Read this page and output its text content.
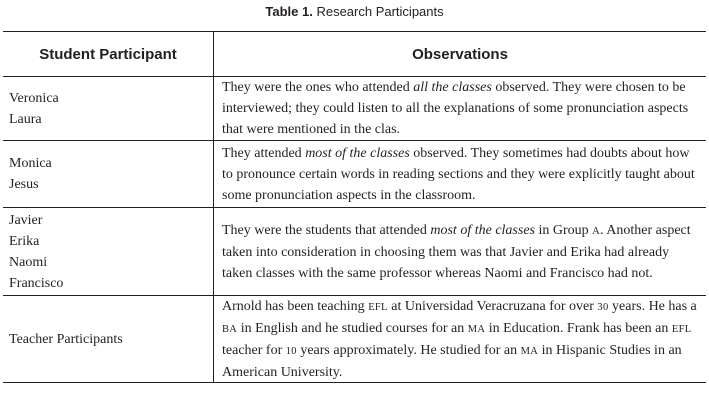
Table 1. Research Participants
Student Participant	Observations
Veronica
Laura
They were the ones who attended all the classes observed. They were chosen to be interviewed; they could listen to all the explanations of some pronunciation aspects that were mentioned in the clas.
Monica
Jesus
They attended most of the classes observed. They sometimes had doubts about how to pronounce certain words in reading sections and they were explicitly taught about some pronunciation aspects in the classroom.
Javier
Erika
Naomi
Francisco
They were the students that attended most of the classes in Group A. Another aspect taken into consideration in choosing them was that Javier and Erika had already taken classes with the same professor whereas Naomi and Francisco had not.
Teacher Participants
Arnold has been teaching EFL at Universidad Veracruzana for over 30 years. He has a BA in English and he studied courses for an MA in Education. Frank has been an EFL teacher for 10 years approximately. He studied for an MA in Hispanic Studies in an American University.
